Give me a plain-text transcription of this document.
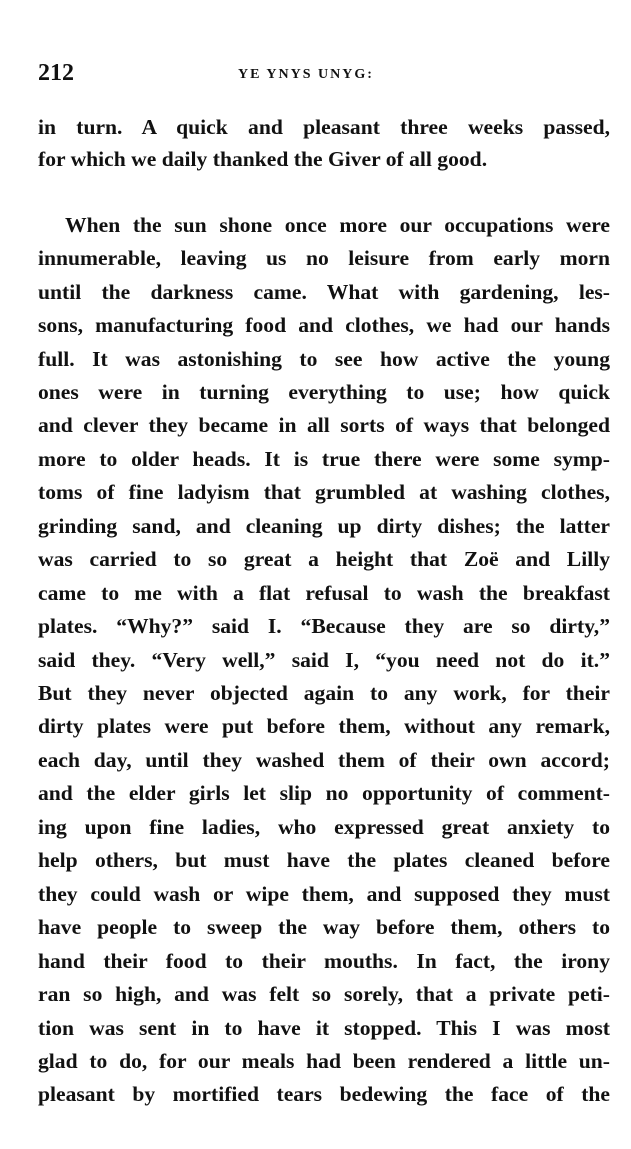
212	YE YNYS UNYG:
in turn. A quick and pleasant three weeks passed,
for which we daily thanked the Giver of all good.
When the sun shone once more our occupations were
innumerable, leaving us no leisure from early morn
until the darkness came. What with gardening, les-
sons, manufacturing food and clothes, we had our hands
full. It was astonishing to see how active the young
ones were in turning everything to use; how quick
and clever they became in all sorts of ways that belonged
more to older heads. It is true there were some symp-
toms of fine ladyism that grumbled at washing clothes,
grinding sand, and cleaning up dirty dishes; the latter
was carried to so great a height that Zoë and Lilly
came to me with a flat refusal to wash the breakfast
plates. “Why?” said I. “Because they are so dirty,”
said they. “Very well,” said I, “you need not do it.”
But they never objected again to any work, for their
dirty plates were put before them, without any remark,
each day, until they washed them of their own accord;
and the elder girls let slip no opportunity of comment-
ing upon fine ladies, who expressed great anxiety to
help others, but must have the plates cleaned before
they could wash or wipe them, and supposed they must
have people to sweep the way before them, others to
hand their food to their mouths. In fact, the irony
ran so high, and was felt so sorely, that a private peti-
tion was sent in to have it stopped. This I was most
glad to do, for our meals had been rendered a little un-
pleasant by mortified tears bedewing the face of the
